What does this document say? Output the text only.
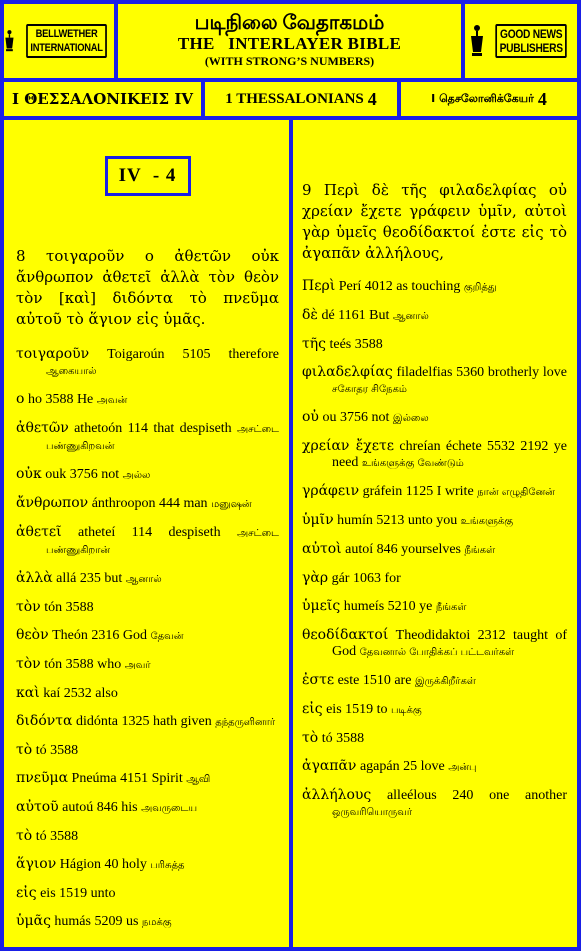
BELLWETHER
INTERNATIONAL
படிநிலை வேதாகமம்
THE   INTERLAYER BIBLE
(WITH STRONG’S NUMBERS)
GOOD NEWS
PUBLISHERS
I ΘΕΣΣΑΛΟΝΙΚΕΙΣ IV 1 THESSALONIANS
4	I தெசலோனிக்கேயர்
4
IV  - 4
8 τοιγαροῦν ο ἀθετῶν οὐκ ἄνθρωπον ἀθετεῖ ἀλλὰ τὸν θεὸν τὸν [καὶ] διδόντα τὸ πνεῦμα αὐτοῦ τὸ ἅγιον εἰς ὑμᾶς.
τοιγαροῦν Toigaroún 5105 therefore ஆகையால்
ο ho 3588 He அவன்
ἀθετῶν athetoón 114 that despiseth அசட்டை பண்ணுகிறவன்
οὐκ ouk 3756 not அல்ல
ἄνθρωπον ánthroopon 444 man மனுஷன்
ἀθετεῖ atheteí 114 despiseth அசட்டை பண்ணுகிறான்
ἀλλὰ allá 235 but ஆனால்
τὸν tón 3588
θεὸν Theón 2316 God தேவன்
τὸν tón 3588 who அவர்
καὶ kaí 2532 also
διδόντα didónta 1325 hath given தந்தருளினார்
τὸ tó 3588
πνεῦμα Pneúma 4151 Spirit ஆவி
αὐτοῦ autoú 846 his அவருடைய
τὸ tó 3588
ἅγιον Hágion 40 holy பரிசுத்த
εἰς eis 1519 unto
ὑμᾶς humás 5209 us நமக்கு
9 Περὶ δὲ τῆς φιλαδελφίας οὐ χρείαν ἔχετε γράφειν ὑμῖν, αὐτοὶ γὰρ ὑμεῖς θεοδίδακτοί ἐστε εἰς τὸ ἀγαπᾶν ἀλλήλους,
Περὶ Perí 4012 as touching குறித்து
δὲ dé 1161 But ஆனால்
τῆς teés 3588
φιλαδελφίας filadelfias 5360 brotherly love சகோதர சிநேகம்
οὐ ou 3756 not இல்லை
χρείαν ἔχετε chreían échete 5532 2192 ye need உங்களுக்கு வேண்டும்
γράφειν gráfein 1125 I write நான் எழுதினேன்
ὑμῖν humín 5213 unto you உங்களுக்கு
αὐτοὶ autoí 846 yourselves நீங்கள்
γὰρ gár 1063 for
ὑμεῖς humeís 5210 ye நீங்கள்
θεοδίδακτοί Theodidaktoi 2312 taught of God தேவனால் போதிக்கப் பட்டவர்கள்
ἐστε este 1510 are இருக்கிறீர்கள்
εἰς eis 1519 to படிக்கு
τὸ tó 3588
ἀγαπᾶν agapán 25 love அன்பு
ἀλλήλους alleélous 240 one another ஒருவரியொருவர்
